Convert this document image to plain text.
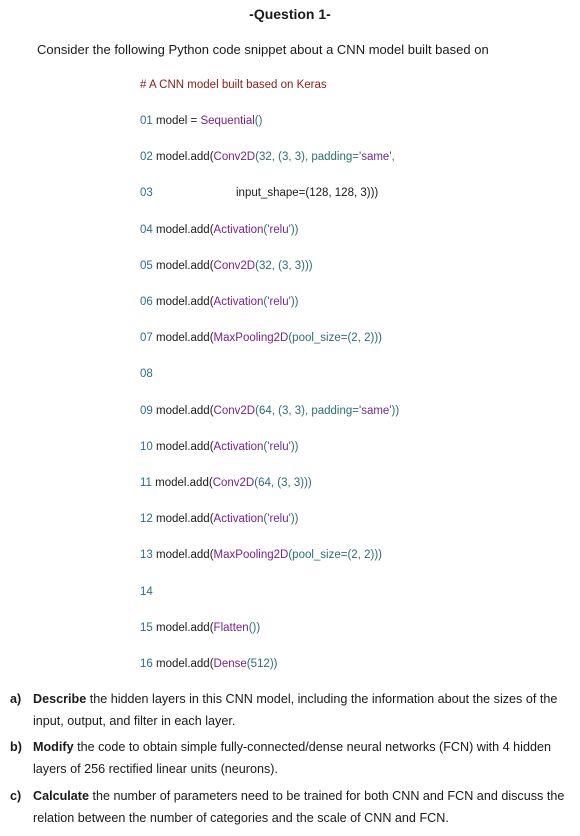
-Question 1-
Consider the following Python code snippet about a CNN model built based on
# A CNN model built based on Keras
01 model = Sequential()
02 model.add(Conv2D(32, (3, 3), padding='same',
03	input_shape=(128, 128, 3)))
04 model.add(Activation('relu'))
05 model.add(Conv2D(32, (3, 3)))
06 model.add(Activation('relu'))
07 model.add(MaxPooling2D(pool_size=(2, 2)))
08
09 model.add(Conv2D(64, (3, 3), padding='same'))
10 model.add(Activation('relu'))
11 model.add(Conv2D(64, (3, 3)))
12 model.add(Activation('relu'))
13 model.add(MaxPooling2D(pool_size=(2, 2)))
14
15 model.add(Flatten())
16 model.add(Dense(512))
a) Describe the hidden layers in this CNN model, including the information about the sizes of the input, output, and filter in each layer.
b) Modify the code to obtain simple fully-connected/dense neural networks (FCN) with 4 hidden layers of 256 rectified linear units (neurons).
c) Calculate the number of parameters need to be trained for both CNN and FCN and discuss the relation between the number of categories and the scale of CNN and FCN.
